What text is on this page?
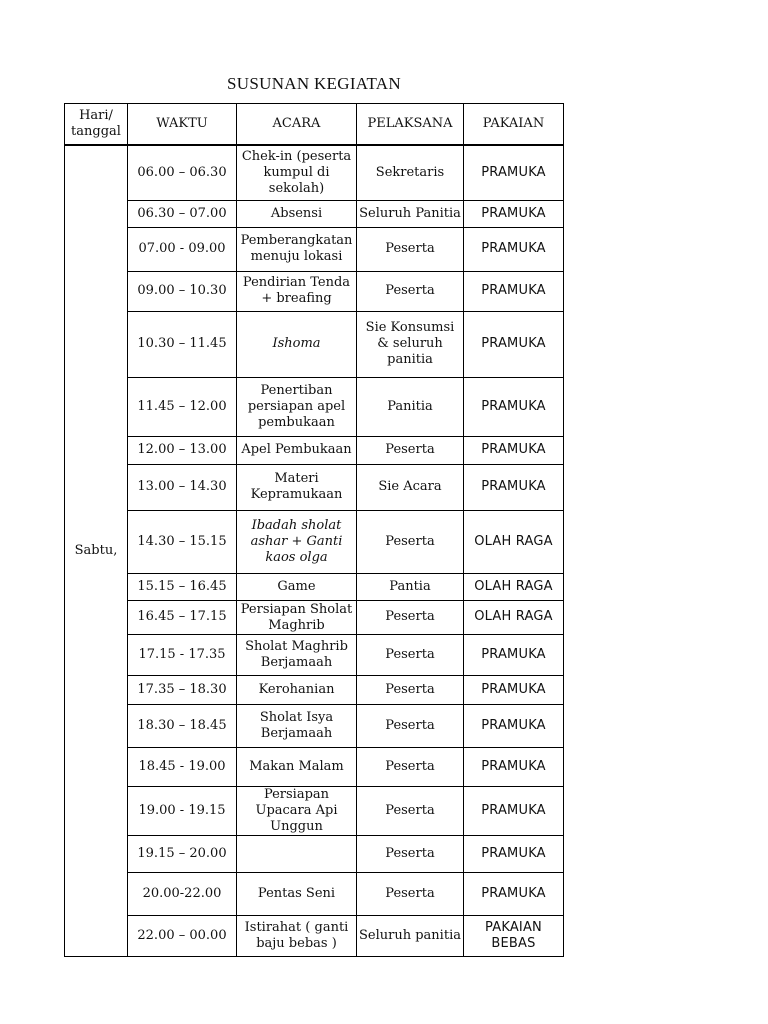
SUSUNAN KEGIATAN
Hari/ tanggal	WAKTU	ACARA	PELAKSANA	PAKAIAN
Sabtu,	06.00 – 06.30	Chek-in (peserta kumpul di sekolah)	Sekretaris	PRAMUKA
	06.30 – 07.00	Absensi	Seluruh Panitia	PRAMUKA
	07.00 - 09.00	Pemberangkatan menuju lokasi	Peserta	PRAMUKA
	09.00 – 10.30	Pendirian Tenda + breafing	Peserta	PRAMUKA
	10.30 – 11.45	Ishoma	Sie Konsumsi & seluruh panitia	PRAMUKA
	11.45 – 12.00	Penertiban persiapan apel pembukaan	Panitia	PRAMUKA
	12.00 – 13.00	Apel Pembukaan	Peserta	PRAMUKA
	13.00 – 14.30	Materi Kepramukaan	Sie Acara	PRAMUKA
	14.30 – 15.15	Ibadah sholat ashar + Ganti kaos olga	Peserta	OLAH RAGA
	15.15 – 16.45	Game	Pantia	OLAH RAGA
	16.45 – 17.15	Persiapan Sholat Maghrib	Peserta	OLAH RAGA
	17.15 - 17.35	Sholat Maghrib Berjamaah	Peserta	PRAMUKA
	17.35 – 18.30	Kerohanian	Peserta	PRAMUKA
	18.30 – 18.45	Sholat Isya Berjamaah	Peserta	PRAMUKA
	18.45 - 19.00	Makan Malam	Peserta	PRAMUKA
	19.00 - 19.15	Persiapan Upacara Api Unggun	Peserta	PRAMUKA
	19.15 – 20.00		Peserta	PRAMUKA
	20.00-22.00	Pentas Seni	Peserta	PRAMUKA
	22.00 – 00.00	Istirahat ( ganti baju bebas )	Seluruh panitia	PAKAIAN BEBAS
